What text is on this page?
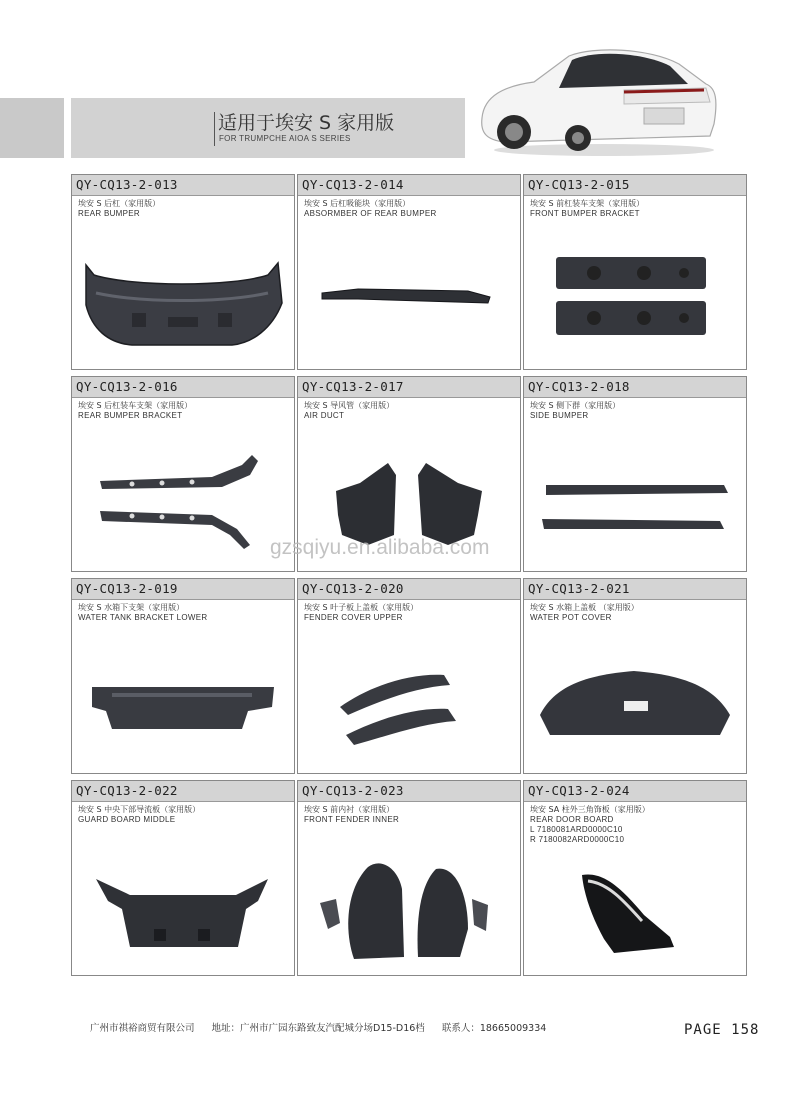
适用于埃安 S 家用版
FOR TRUMPCHE AIOA S SERIES
QY-CQ13-2-013
埃安 S 后杠（家用版）
REAR BUMPER
QY-CQ13-2-014
埃安 S 后杠吸能块（家用版）
ABSORMBER OF REAR BUMPER
QY-CQ13-2-015
埃安 S 前杠装车支架（家用版）
FRONT BUMPER BRACKET
QY-CQ13-2-016
埃安 S 后杠装车支架（家用版）
REAR BUMPER BRACKET
QY-CQ13-2-017
埃安 S 导风管（家用版）
AIR DUCT
QY-CQ13-2-018
埃安 S 侧下群（家用版）
SIDE BUMPER
QY-CQ13-2-019
埃安 S 水箱下支架（家用版）
WATER TANK BRACKET LOWER
QY-CQ13-2-020
埃安 S 叶子板上盖板（家用版）
FENDER COVER UPPER
QY-CQ13-2-021
埃安 S 水箱上盖板 （家用版）
WATER POT COVER
QY-CQ13-2-022
埃安 S 中央下部导流板（家用版）
GUARD BOARD MIDDLE
QY-CQ13-2-023
埃安 S 前内衬（家用版）
FRONT FENDER INNER
QY-CQ13-2-024
埃安 SA 柱外三角饰板（家用版）
REAR DOOR BOARD
L 7180081ARD0000C10
R 7180082ARD0000C10
gzsqiyu.en.alibaba.com
广州市祺裕商贸有限公司 地址：广州市广园东路致友汽配城分场D15-D16档 联系人：18665009334	PAGE 158
